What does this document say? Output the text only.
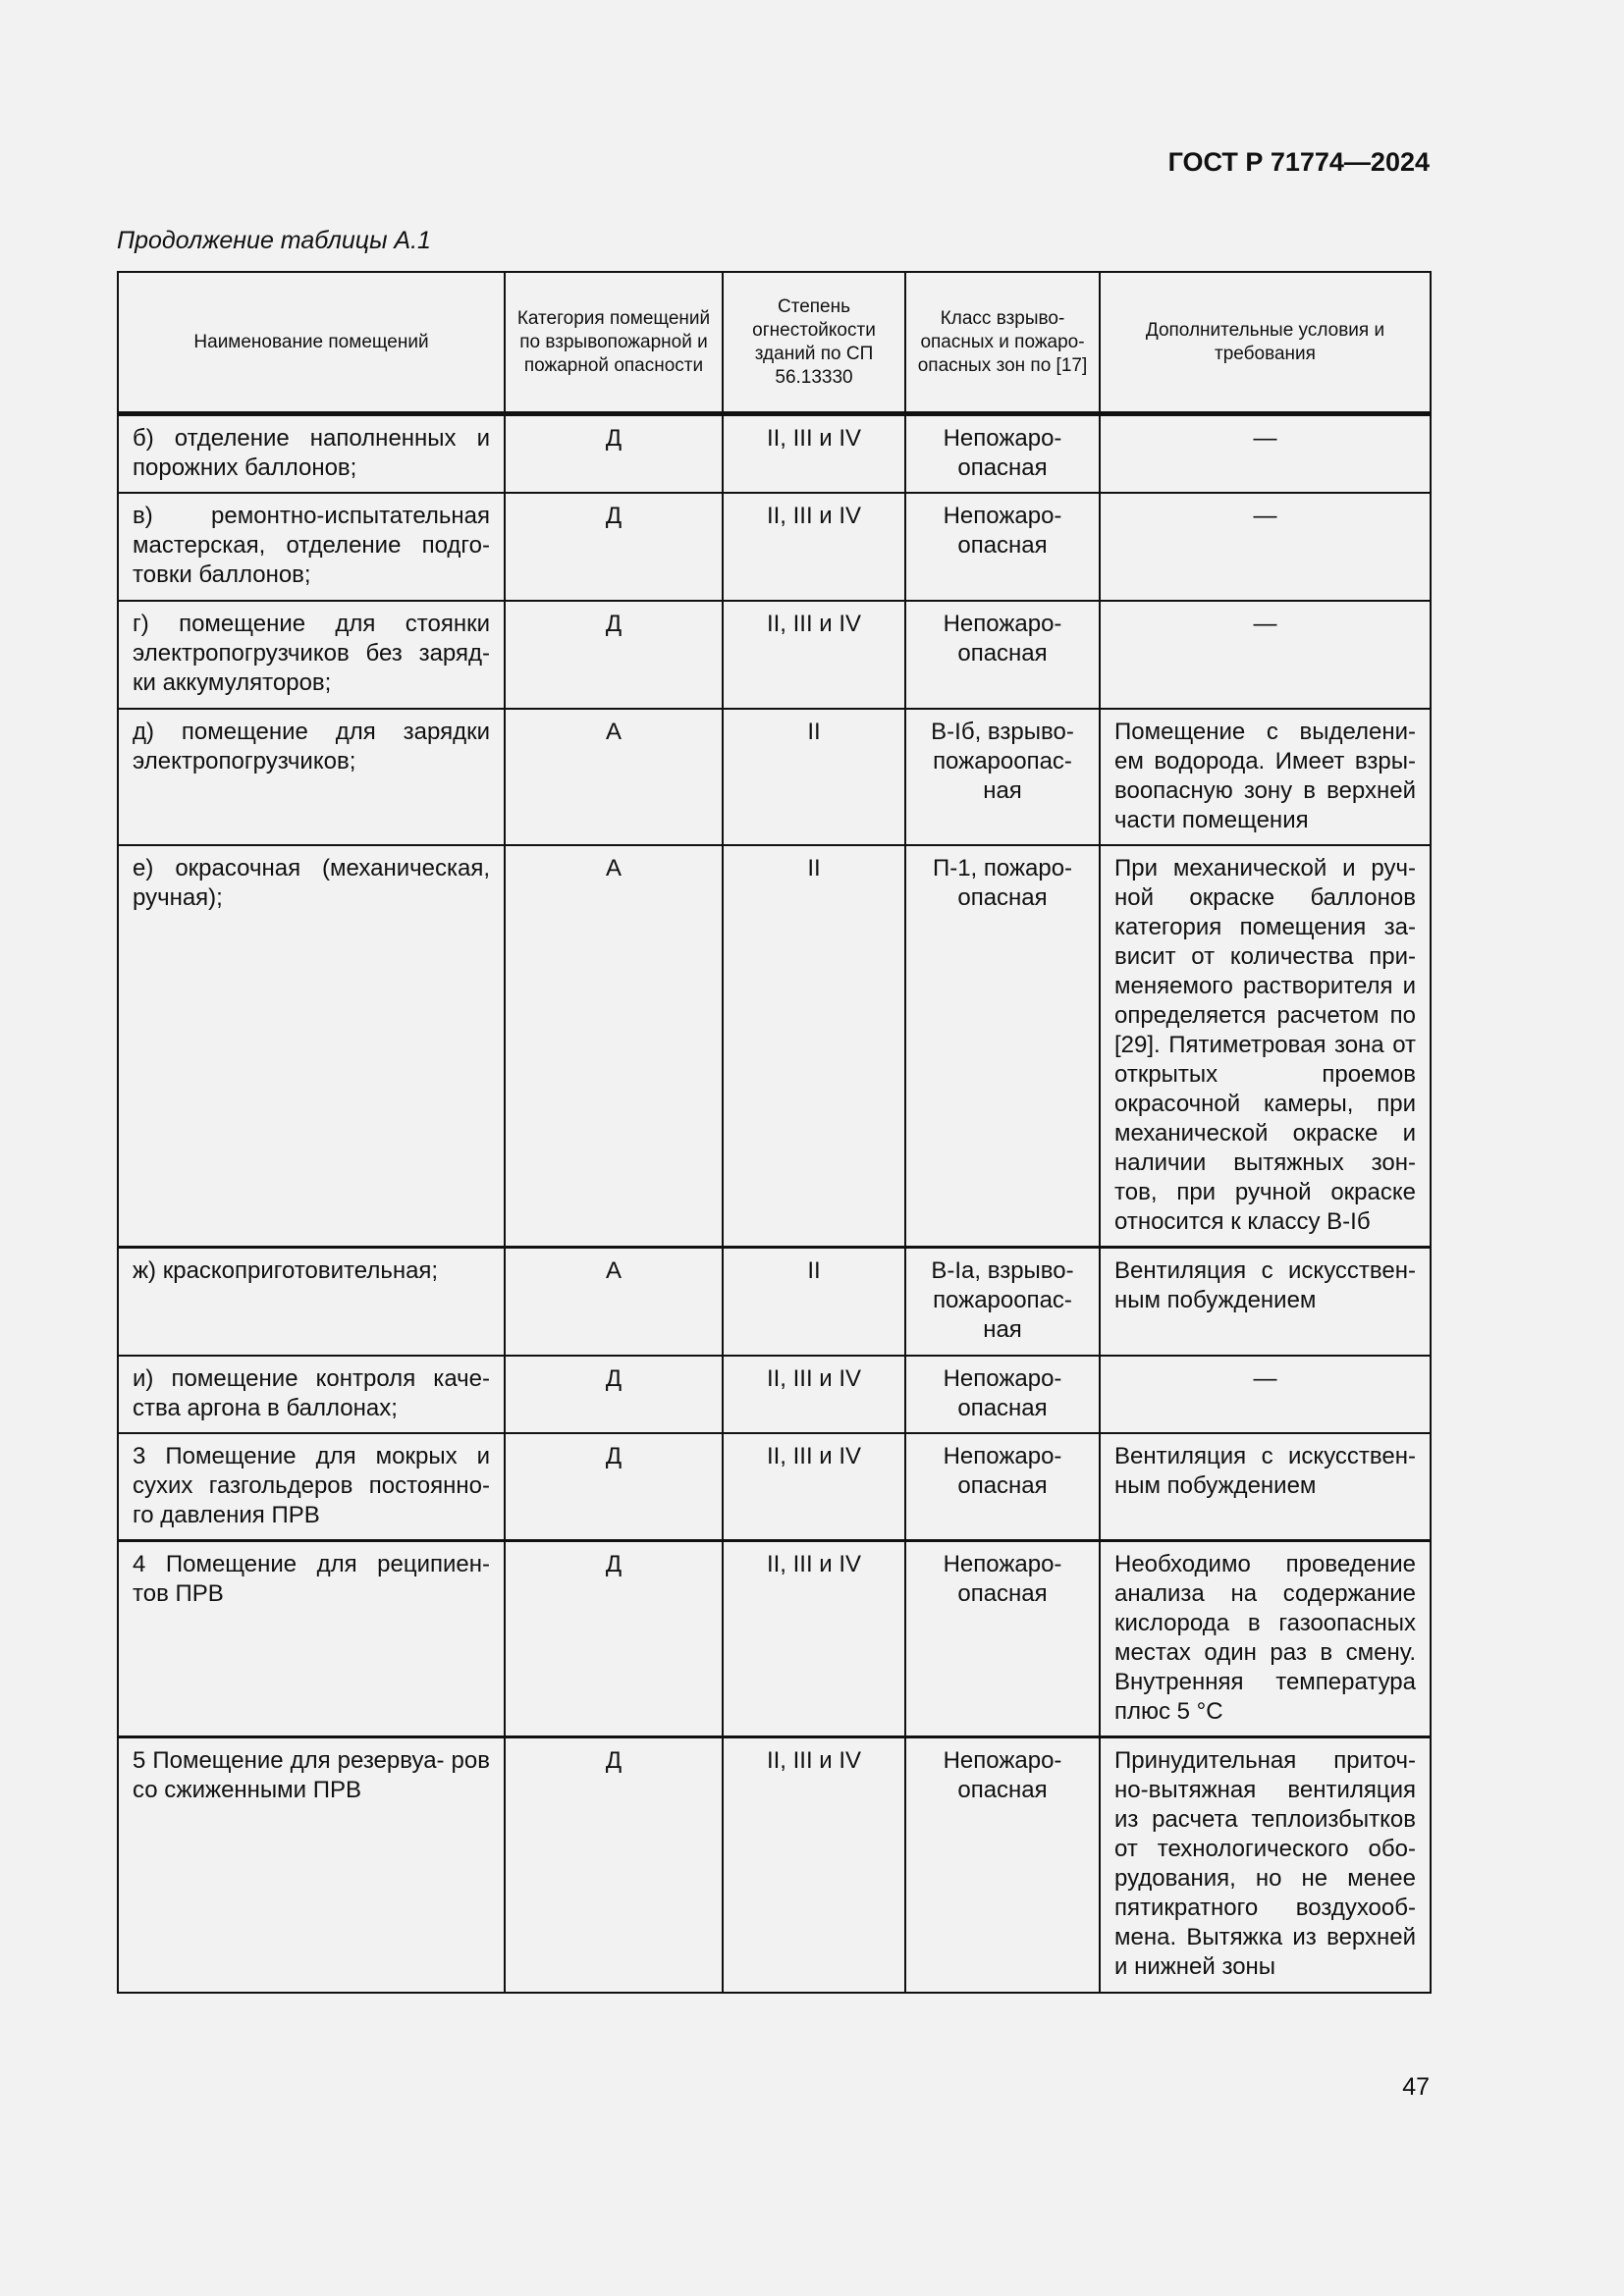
ГОСТ Р 71774—2024

Продолжение таблицы А.1

Наименование помещений	Категория помещений по взрывопожарной и пожарной опасности	Степень огнестойкости зданий по СП 56.13330	Класс взрыво- опасных и пожаро- опасных зон по [17]	Дополнительные условия и требования
б) отделение наполненных и порожних баллонов;	Д	II, III и IV	Непожаро- опасная	—
в) ремонтно-испытательная мастерская, отделение подго- товки баллонов;	Д	II, III и IV	Непожаро- опасная	—
г) помещение для стоянки электропогрузчиков без заряд- ки аккумуляторов;	Д	II, III и IV	Непожаро- опасная	—
д) помещение для зарядки электропогрузчиков;	А	II	В-Iб, взрыво- пожароопас- ная	Помещение с выделени- ем водорода. Имеет взры- воопасную зону в верхней части помещения
е) окрасочная (механическая, ручная);	А	II	П-1, пожаро- опасная	При механической и руч- ной окраске баллонов категория помещения за- висит от количества при- меняемого растворителя и определяется расчетом по [29]. Пятиметровая зона от открытых проемов окрасочной камеры, при механической окраске и наличии вытяжных зон- тов, при ручной окраске относится к классу В-Iб
ж) краскоприготовительная;	А	II	В-Iа, взрыво- пожароопас- ная	Вентиляция с искусствен- ным побуждением
и) помещение контроля каче- ства аргона в баллонах;	Д	II, III и IV	Непожаро- опасная	—
3 Помещение для мокрых и сухих газгольдеров постоянно- го давления ПРВ	Д	II, III и IV	Непожаро- опасная	Вентиляция с искусствен- ным побуждением
4 Помещение для реципиен- тов ПРВ	Д	II, III и IV	Непожаро- опасная	Необходимо проведение анализа на содержание кислорода в газоопасных местах один раз в смену. Внутренняя температура плюс 5 °С
5 Помещение для резервуа- ров со сжиженными ПРВ	Д	II, III и IV	Непожаро- опасная	Принудительная приточ- но-вытяжная вентиляция из расчета теплоизбытков от технологического обо- рудования, но не менее пятикратного воздухооб- мена. Вытяжка из верхней и нижней зоны

47
